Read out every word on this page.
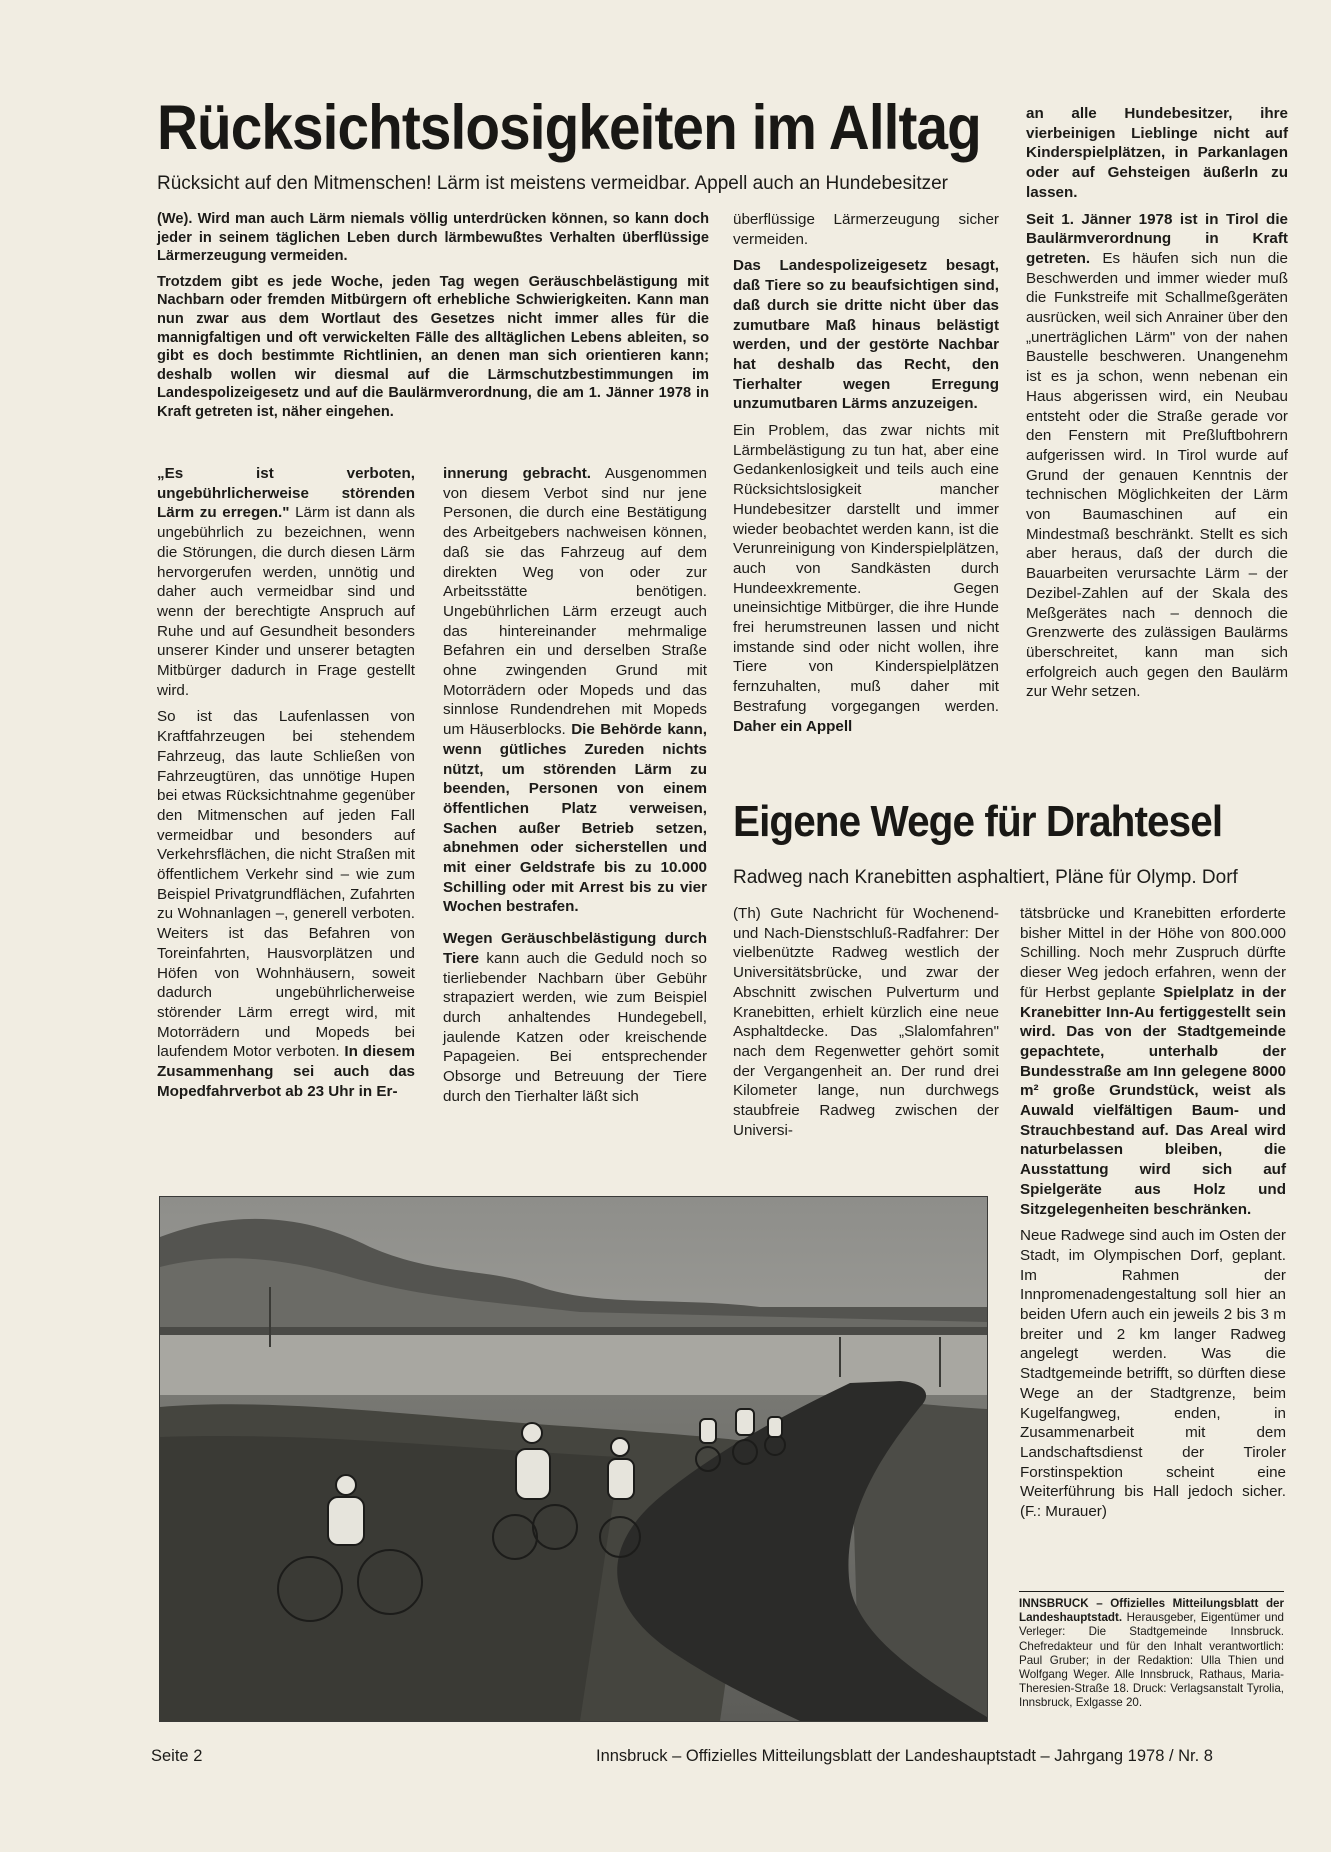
Rücksichtslosigkeiten im Alltag
Rücksicht auf den Mitmenschen! Lärm ist meistens vermeidbar. Appell auch an Hundebesitzer

(We). Wird man auch Lärm niemals völlig unterdrücken können, so kann doch jeder in seinem täglichen Leben durch lärmbewußtes Verhalten überflüssige Lärmerzeugung vermeiden.

Trotzdem gibt es jede Woche, jeden Tag wegen Geräuschbelästigung mit Nachbarn oder fremden Mitbürgern oft erhebliche Schwierigkeiten. Kann man nun zwar aus dem Wortlaut des Gesetzes nicht immer alles für die mannigfaltigen und oft verwickelten Fälle des alltäglichen Lebens ableiten, so gibt es doch bestimmte Richtlinien, an denen man sich orientieren kann; deshalb wollen wir diesmal auf die Lärmschutzbestimmungen im Landespolizeigesetz und auf die Baulärmverordnung, die am 1. Jänner 1978 in Kraft getreten ist, näher eingehen.

„Es ist verboten, ungebührlicherweise störenden Lärm zu erregen." Lärm ist dann als ungebührlich zu bezeichnen, wenn die Störungen, die durch diesen Lärm hervorgerufen werden, unnötig und daher auch vermeidbar sind und wenn der berechtigte Anspruch auf Ruhe und auf Gesundheit besonders unserer Kinder und unserer betagten Mitbürger dadurch in Frage gestellt wird.

So ist das Laufenlassen von Kraftfahrzeugen bei stehendem Fahrzeug, das laute Schließen von Fahrzeugtüren, das unnötige Hupen bei etwas Rücksichtnahme gegenüber den Mitmenschen auf jeden Fall vermeidbar und besonders auf Verkehrsflächen, die nicht Straßen mit öffentlichem Verkehr sind – wie zum Beispiel Privatgrundflächen, Zufahrten zu Wohnanlagen –, generell verboten. Weiters ist das Befahren von Toreinfahrten, Hausvorplätzen und Höfen von Wohnhäusern, soweit dadurch ungebührlicherweise störender Lärm erregt wird, mit Motorrädern und Mopeds bei laufendem Motor verboten. In diesem Zusammenhang sei auch das Mopedfahrverbot ab 23 Uhr in Er-

innerung gebracht. Ausgenommen von diesem Verbot sind nur jene Personen, die durch eine Bestätigung des Arbeitgebers nachweisen können, daß sie das Fahrzeug auf dem direkten Weg von oder zur Arbeitsstätte benötigen. Ungebührlichen Lärm erzeugt auch das hintereinander mehrmalige Befahren ein und derselben Straße ohne zwingenden Grund mit Motorrädern oder Mopeds und das sinnlose Rundendrehen mit Mopeds um Häuserblocks. Die Behörde kann, wenn gütliches Zureden nichts nützt, um störenden Lärm zu beenden, Personen von einem öffentlichen Platz verweisen, Sachen außer Betrieb setzen, abnehmen oder sicherstellen und mit einer Geldstrafe bis zu 10.000 Schilling oder mit Arrest bis zu vier Wochen bestrafen.

Wegen Geräuschbelästigung durch Tiere kann auch die Geduld noch so tierliebender Nachbarn über Gebühr strapaziert werden, wie zum Beispiel durch anhaltendes Hundegebell, jaulende Katzen oder kreischende Papageien. Bei entsprechender Obsorge und Betreuung der Tiere durch den Tierhalter läßt sich

überflüssige Lärmerzeugung sicher vermeiden.

Das Landespolizeigesetz besagt, daß Tiere so zu beaufsichtigen sind, daß durch sie dritte nicht über das zumutbare Maß hinaus belästigt werden, und der gestörte Nachbar hat deshalb das Recht, den Tierhalter wegen Erregung unzumutbaren Lärms anzuzeigen.

Ein Problem, das zwar nichts mit Lärmbelästigung zu tun hat, aber eine Gedankenlosigkeit und teils auch eine Rücksichtslosigkeit mancher Hundebesitzer darstellt und immer wieder beobachtet werden kann, ist die Verunreinigung von Kinderspielplätzen, auch von Sandkästen durch Hundeexkremente. Gegen uneinsichtige Mitbürger, die ihre Hunde frei herumstreunen lassen und nicht imstande sind oder nicht wollen, ihre Tiere von Kinderspielplätzen fernzuhalten, muß daher mit Bestrafung vorgegangen werden. Daher ein Appell

an alle Hundebesitzer, ihre vierbeinigen Lieblinge nicht auf Kinderspielplätzen, in Parkanlagen oder auf Gehsteigen äußerln zu lassen.

Seit 1. Jänner 1978 ist in Tirol die Baulärmverordnung in Kraft getreten. Es häufen sich nun die Beschwerden und immer wieder muß die Funkstreife mit Schallmeßgeräten ausrücken, weil sich Anrainer über den „unerträglichen Lärm" von der nahen Baustelle beschweren. Unangenehm ist es ja schon, wenn nebenan ein Haus abgerissen wird, ein Neubau entsteht oder die Straße gerade vor den Fenstern mit Preßluftbohrern aufgerissen wird. In Tirol wurde auf Grund der genauen Kenntnis der technischen Möglichkeiten der Lärm von Baumaschinen auf ein Mindestmaß beschränkt. Stellt es sich aber heraus, daß der durch die Bauarbeiten verursachte Lärm – der Dezibel-Zahlen auf der Skala des Meßgerätes nach – dennoch die Grenzwerte des zulässigen Baulärms überschreitet, kann man sich erfolgreich auch gegen den Baulärm zur Wehr setzen.

Eigene Wege für Drahtesel
Radweg nach Kranebitten asphaltiert, Pläne für Olymp. Dorf

(Th) Gute Nachricht für Wochenend- und Nach-Dienstschluß-Radfahrer: Der vielbenützte Radweg westlich der Universitätsbrücke, und zwar der Abschnitt zwischen Pulverturm und Kranebitten, erhielt kürzlich eine neue Asphaltdecke. Das „Slalomfahren" nach dem Regenwetter gehört somit der Vergangenheit an. Der rund drei Kilometer lange, nun durchwegs staubfreie Radweg zwischen der Universi-

tätsbrücke und Kranebitten erforderte bisher Mittel in der Höhe von 800.000 Schilling. Noch mehr Zuspruch dürfte dieser Weg jedoch erfahren, wenn der für Herbst geplante Spielplatz in der Kranebitter Inn-Au fertiggestellt sein wird. Das von der Stadtgemeinde gepachtete, unterhalb der Bundesstraße am Inn gelegene 8000 m² große Grundstück, weist als Auwald vielfältigen Baum- und Strauchbestand auf. Das Areal wird naturbelassen bleiben, die Ausstattung wird sich auf Spielgeräte aus Holz und Sitzgelegenheiten beschränken.

Neue Radwege sind auch im Osten der Stadt, im Olympischen Dorf, geplant. Im Rahmen der Innpromenadengestaltung soll hier an beiden Ufern auch ein jeweils 2 bis 3 m breiter und 2 km langer Radweg angelegt werden. Was die Stadtgemeinde betrifft, so dürften diese Wege an der Stadtgrenze, beim Kugelfangweg, enden, in Zusammenarbeit mit dem Landschaftsdienst der Tiroler Forstinspektion scheint eine Weiterführung bis Hall jedoch sicher. (F.: Murauer)

INNSBRUCK – Offizielles Mitteilungsblatt der Landeshauptstadt. Herausgeber, Eigentümer und Verleger: Die Stadtgemeinde Innsbruck. Chefredakteur und für den Inhalt verantwortlich: Paul Gruber; in der Redaktion: Ulla Thien und Wolfgang Weger. Alle Innsbruck, Rathaus, Maria-Theresien-Straße 18. Druck: Verlagsanstalt Tyrolia, Innsbruck, Exlgasse 20.
Seite 2	Innsbruck – Offizielles Mitteilungsblatt der Landeshauptstadt – Jahrgang 1978 / Nr. 8
